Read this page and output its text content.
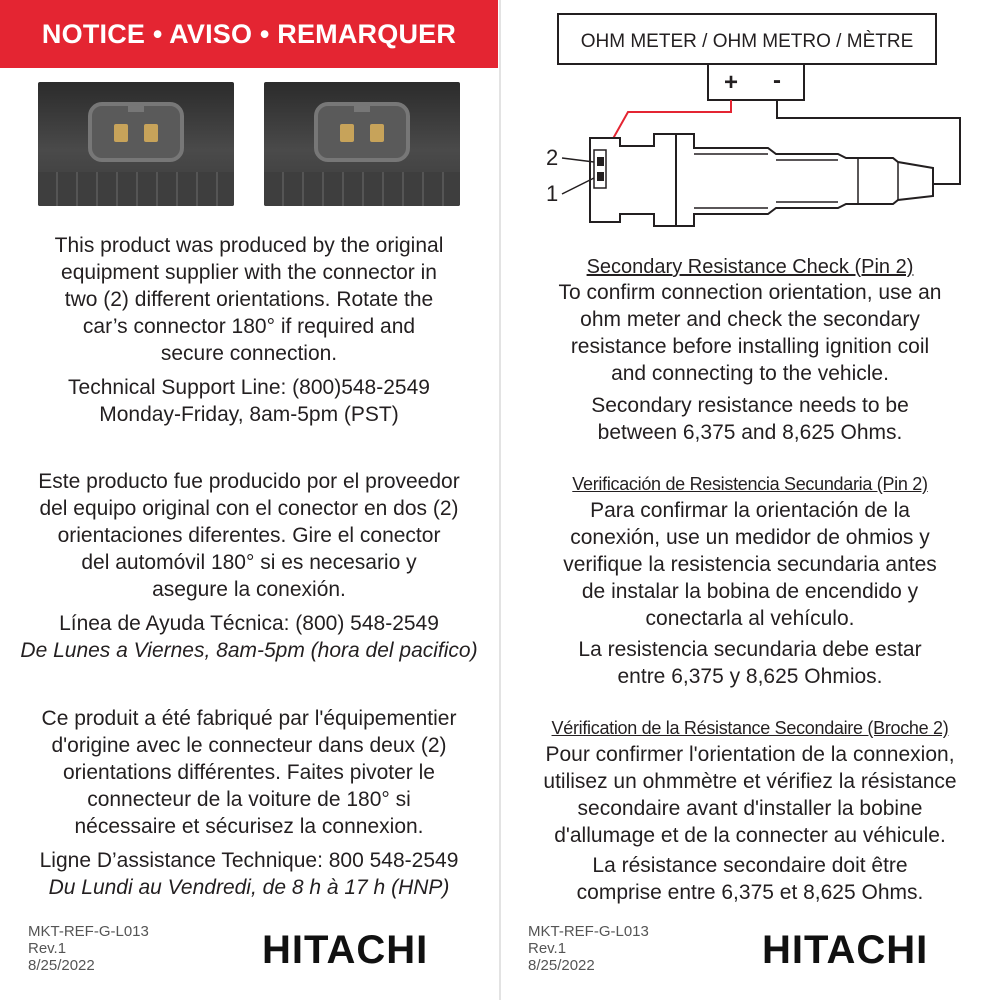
NOTICE • AVISO • REMARQUER
This product was produced by the original
equipment supplier with the connector in
two (2) different orientations. Rotate the
car’s connector 180° if required and
secure connection.
Technical Support Line: (800)548-2549
Monday-Friday, 8am-5pm (PST)
Este producto fue producido por el proveedor
del equipo original con el conector en dos (2)
orientaciones diferentes. Gire el conector
del automóvil 180° si es necesario y
asegure la conexión.
Línea de Ayuda Técnica: (800) 548-2549
De Lunes a Viernes, 8am-5pm (hora del pacifico)
Ce produit a été fabriqué par l'équipementier
d'origine avec le connecteur dans deux (2)
orientations différentes. Faites pivoter le
connecteur de la voiture de 180° si
nécessaire et sécurisez la connexion.
Ligne D’assistance Technique: 800 548-2549
Du Lundi au Vendredi, de 8 h à 17 h (HNP)
MKT-REF-G-L013
Rev.1
8/25/2022	HITACHI
OHM METER / OHM METRO / MÈTRE
+ -
2
1
Secondary Resistance Check (Pin 2)
To confirm connection orientation, use an
ohm meter and check the secondary
resistance before installing ignition coil
and connecting to the vehicle.
Secondary resistance needs to be
between 6,375 and 8,625 Ohms.
Verificación de Resistencia Secundaria (Pin 2)
Para confirmar la orientación de la
conexión, use un medidor de ohmios y
verifique la resistencia secundaria antes
de instalar la bobina de encendido y
conectarla al vehículo.
La resistencia secundaria debe estar
entre 6,375 y 8,625 Ohmios.
Vérification de la Résistance Secondaire (Broche 2)
Pour confirmer l'orientation de la connexion,
utilisez un ohmmètre et vérifiez la résistance
secondaire avant d'installer la bobine
d'allumage et de la connecter au véhicule.
La résistance secondaire doit être
comprise entre 6,375 et 8,625 Ohms.
MKT-REF-G-L013
Rev.1
8/25/2022	HITACHI
